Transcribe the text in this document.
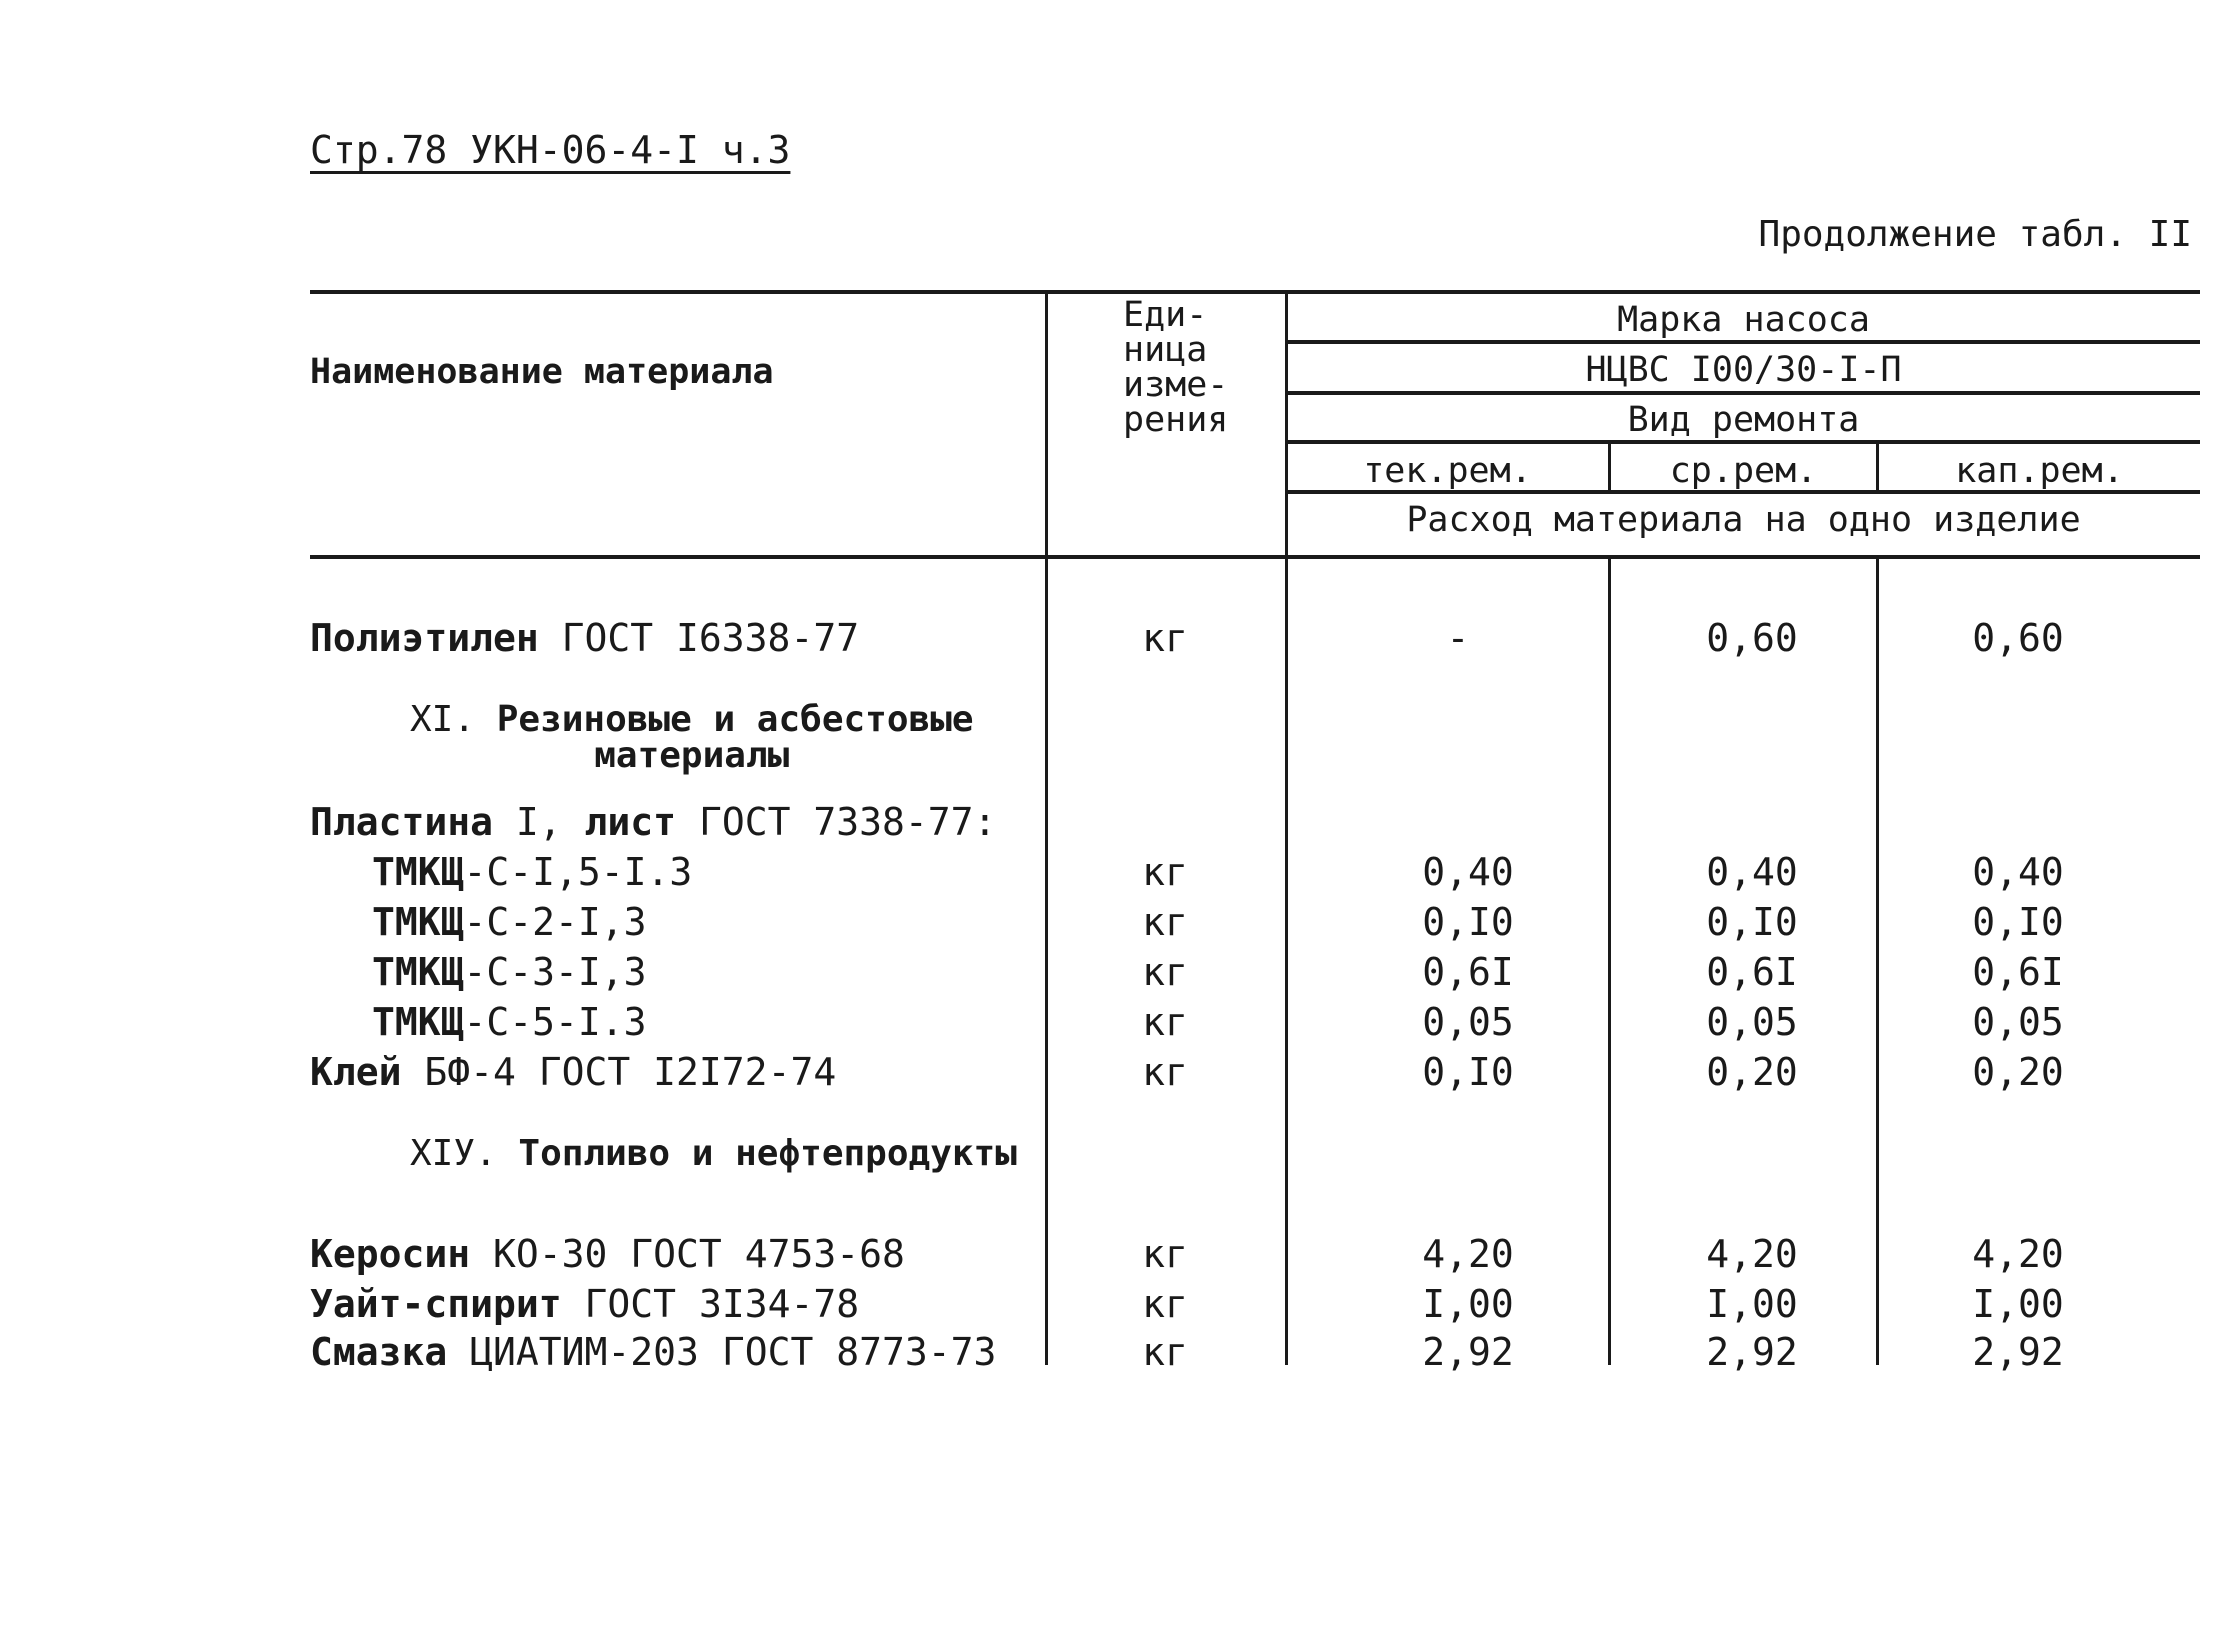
Стр.78 УКН-06-4-I ч.3
Продолжение табл. II
Наименование материала
Еди-
ница
изме-
рения
Марка насоса
НЦВС I00/30-I-П
Вид ремонта
тек.рем.	ср.рем.	кап.рем.
Расход материала на одно изделие
Полиэтилен ГОСТ I6338-77	кг	-	0,60	0,60
XI. Резиновые и асбестовые
материалы
Пластина I, лист ГОСТ 7338-77:
ТМКЩ-С-I,5-I.3	кг	0,40	0,40	0,40
ТМКЩ-С-2-I,3	кг	0,I0	0,I0	0,I0
ТМКЩ-С-3-I,3	кг	0,6I	0,6I	0,6I
ТМКЩ-С-5-I.3	кг	0,05	0,05	0,05
Клей БФ-4 ГОСТ I2I72-74	кг	0,I0	0,20	0,20
XIУ. Топливо и нефтепродукты
Керосин КО-30 ГОСТ 4753-68	кг	4,20	4,20	4,20
Уайт-спирит ГОСТ 3I34-78	кг	I,00	I,00	I,00
Смазка ЦИАТИМ-203 ГОСТ 8773-73	кг	2,92	2,92	2,92
